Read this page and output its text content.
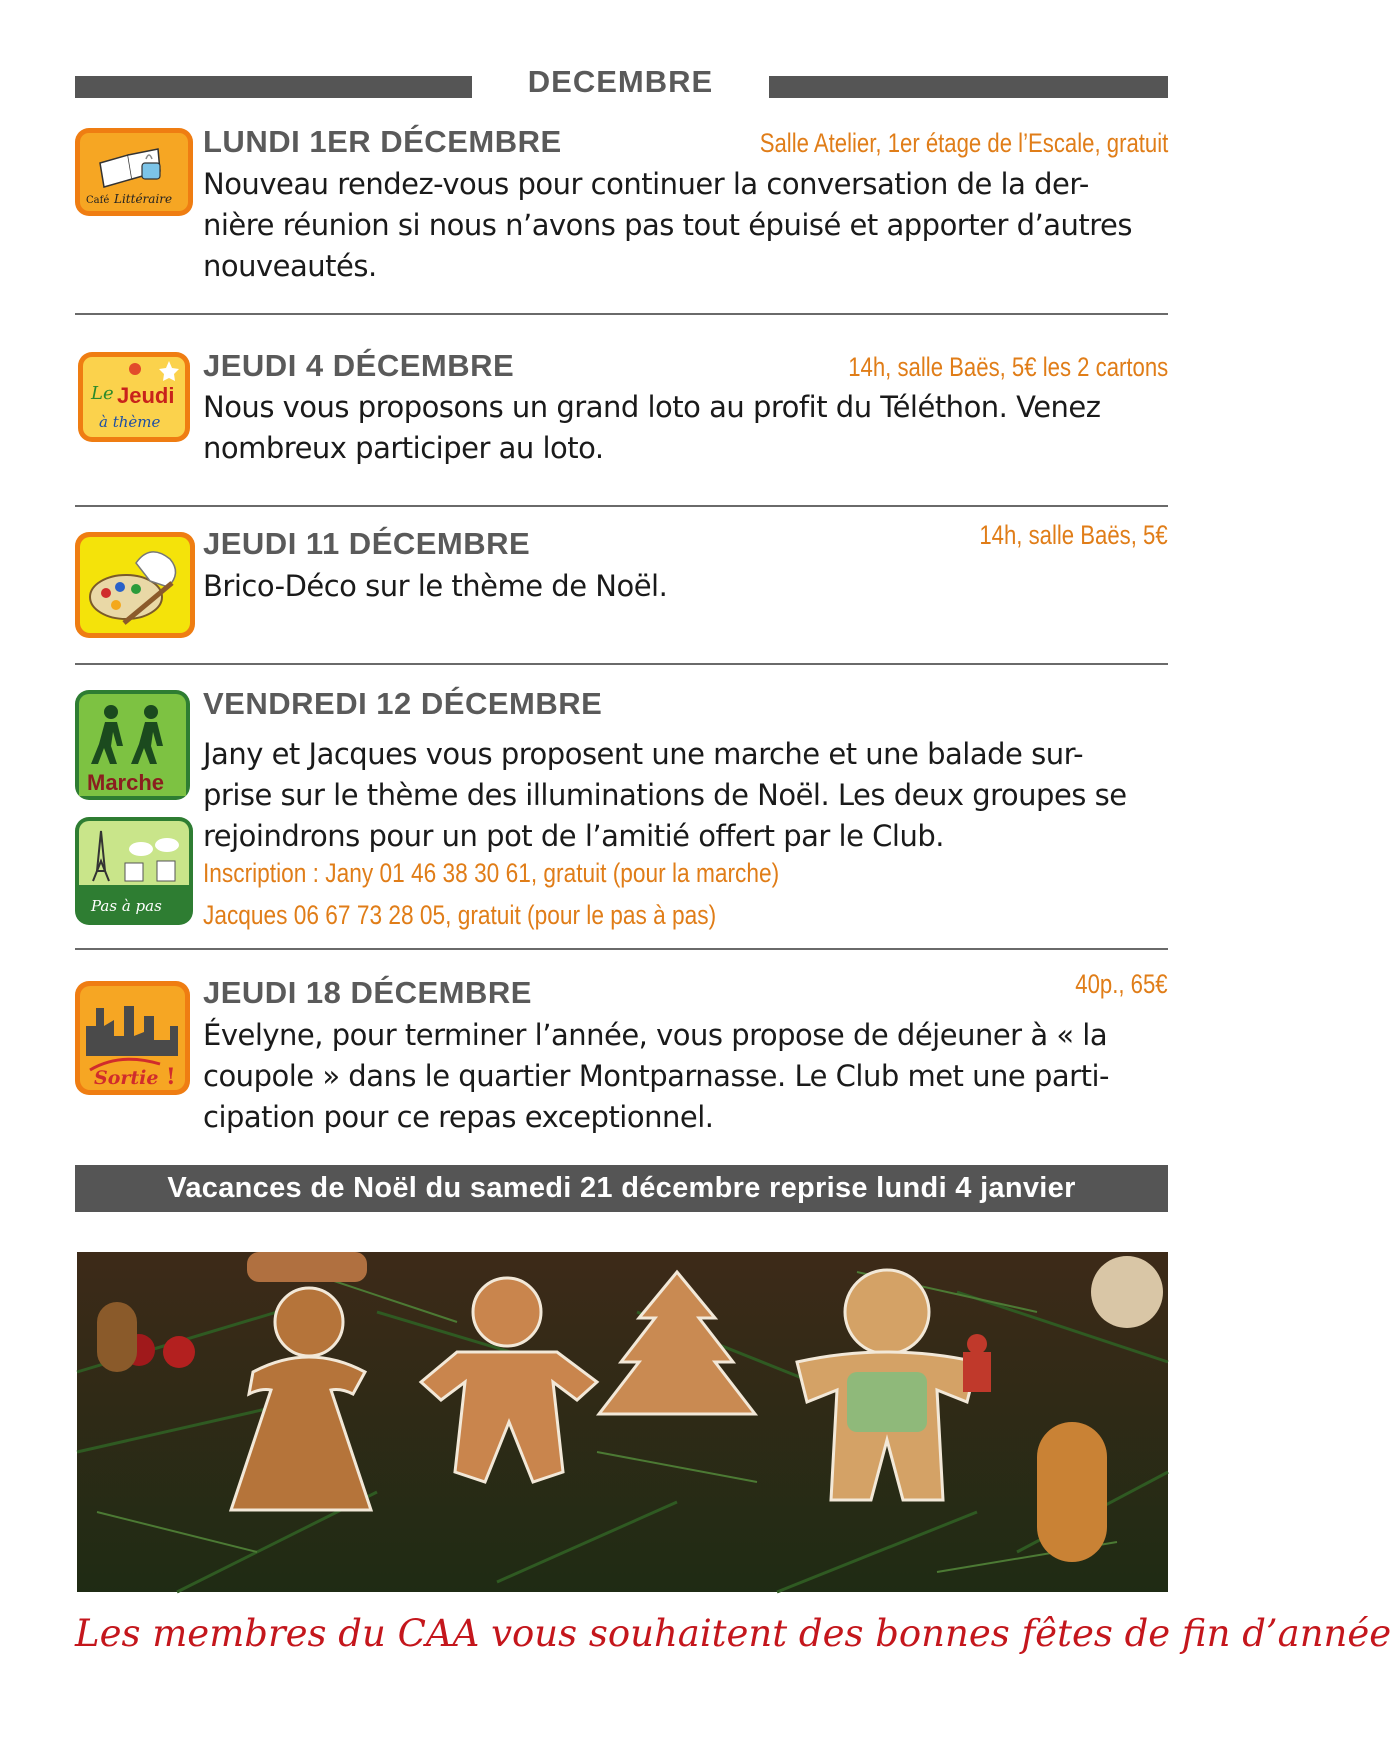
DECEMBRE
Café Littéraire
LUNDI 1ER DÉCEMBRE	Salle Atelier, 1er étage de l’Escale, gratuit
Nouveau rendez-vous pour continuer la conversation de la der-
nière réunion si nous n’avons pas tout épuisé et apporter d’autres
nouveautés.
Le Jeudi
à thème
JEUDI 4 DÉCEMBRE	14h, salle Baës, 5€ les 2 cartons
Nous vous proposons un grand loto au profit du Téléthon. Venez
nombreux participer au loto.
JEUDI 11 DÉCEMBRE	14h, salle Baës, 5€
Brico-Déco sur le thème de Noël.
Marche
Pas à pas
VENDREDI 12 DÉCEMBRE
Jany et Jacques vous proposent une marche et une balade sur-
prise sur le thème des illuminations de Noël. Les deux groupes se
rejoindrons pour un pot de l’amitié offert par le Club.
Inscription : Jany 01 46 38 30 61, gratuit (pour la marche)
Jacques 06 67 73 28 05, gratuit (pour le pas à pas)
Sortie !
JEUDI 18 DÉCEMBRE	40p., 65€
Évelyne, pour terminer l’année, vous propose de déjeuner à « la
coupole » dans le quartier Montparnasse. Le Club met une parti-
cipation pour ce repas exceptionnel.
Vacances de Noël du samedi 21 décembre reprise lundi 4 janvier
Les membres du CAA vous souhaitent des bonnes fêtes de fin d’année
